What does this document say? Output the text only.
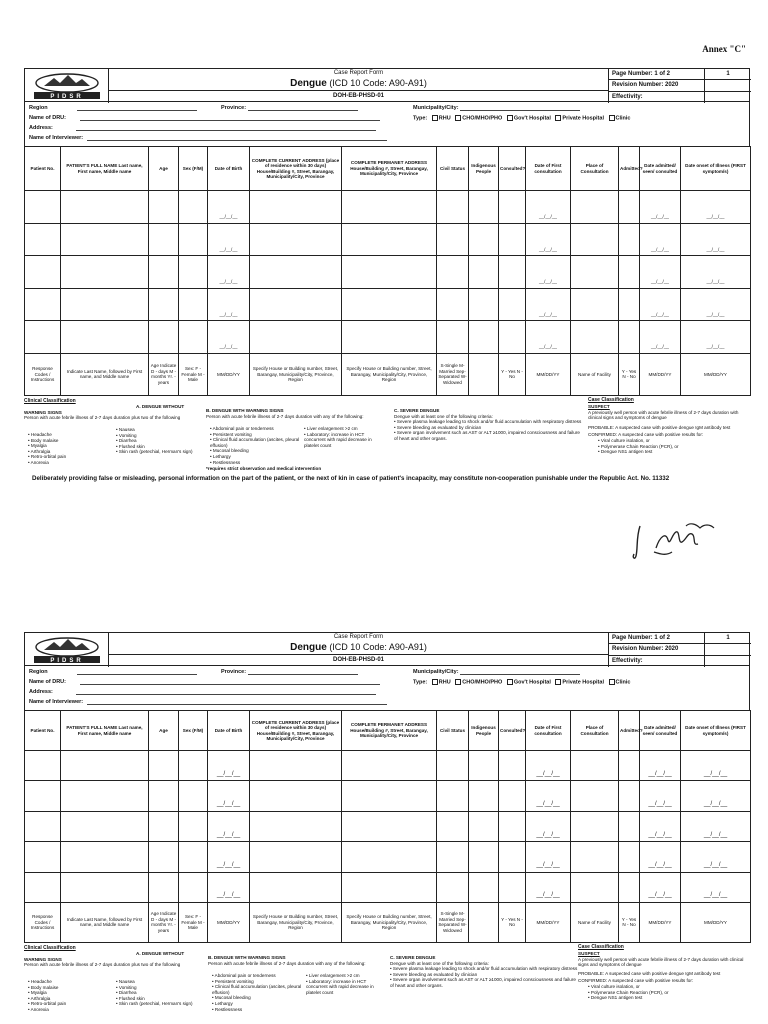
Annex "C"
PIDSR
Case Report Form
Dengue (ICD 10 Code: A90-A91)
DOH-EB-PHSD-01
Page Number: 1 of 2
Revision Number: 2020
Effectivity:
1
Region
Name of DRU:
Address:
Name of Interviewer:
Province:	Municipality/City:
Type: RHU CHO/MHO/PHO Gov't Hospital Private Hospital Clinic
Patient No.	PATIENT'S FULL NAME Last name, First name, Middle name	Age	Sex (F/M)	Date of Birth	COMPLETE CURRENT ADDRESS (place of residence within 30 days) House/Building #, Street, Barangay, Municipality/City, Province	COMPLETE PERMANET ADDRESS House/Building #, Street, Barangay, Municipality/City, Province	Civil Status	Indigenous People	Consulted?	Date of First consultation	Place of Consultation	Admitted?	Date admitted/ seen/ consulted	Date onset of Illness (FIRST symptom/s)
				__/__/__						__/__/__			__/__/__	__/__/__
				__/__/__						__/__/__			__/__/__	__/__/__
				__/__/__						__/__/__			__/__/__	__/__/__
				__/__/__						__/__/__			__/__/__	__/__/__
				__/__/__						__/__/__			__/__/__	__/__/__
Response Codes / Instructions	Indicate Last Name, followed by First name, and Middle name	Age Indicate D - days M - months Yr. - years	Sex: F - Female M - Male	MM/DD/YY	Specify House or Building number, Street, Barangay, Municipality/City, Province, Region	Specify House or Building number, Street, Barangay, Municipality/City, Province, Region	S-Single M-Married Sep-Separated W-Widowed		Y - Yes N - No	MM/DD/YY	Name of Facility	Y - Yes N - No	MM/DD/YY	MM/DD/YY
Clinical Classification	Case Classification
A. DENGUE WITHOUT
WARNING SIGNS
Person with acute febrile illness of 2-7 days duration plus two of the following
• Headache
• Body malaise
• Myalgia
• Arthralgia
• Retro-orbital pain
• Anorexia
• Nausea
• Vomiting
• Diarrhea
• Flushed skin
• Skin rash (petechial, Herman's sign)
B. DENGUE WITH WARNING SIGNS
Person with acute febrile illness of 2-7 days duration with any of the following:
• Abdominal pain or tenderness
• Persistent vomiting
• Clinical fluid accumulation (ascites, pleural effusion)
• Mucosal bleeding
• Lethargy
• Restlessness
• Liver enlargement >2 cm
• Laboratory: increase in HCT concurrent with rapid decrease in platelet count
*requires strict observation and medical intervention
C. SEVERE DENGUE
Dengue with at least one of the following criteria:
• Severe plasma leakage leading to shock and/or fluid accumulation with respiratory distress
• Severe bleeding as evaluated by clinician
• Severe organ involvement such as AST or ALT ≥1000, impaired consciousness and failure of heart and other organs.
SUSPECT
A previously well person with acute febrile illness of 2-7 days duration with clinical signs and symptoms of dengue
PROBABLE: A suspected case with positive dengue IgM antibody test
CONFIRMED: A suspected case with positive results for:
• Viral culture isolation, or
• Polymerase Chain Reaction (PCR), or
• Dengue NS1 antigen test
Deliberately providing false or misleading, personal information on the part of the patient, or the next of kin in case of patient's incapacity, may constitute non-cooperation punishable under the Republic Act. No. 11332
PIDSR
Case Report Form
Dengue (ICD 10 Code: A90-A91)
DOH-EB-PHSD-01
Page Number: 1 of 2
Revision Number: 2020
Effectivity:
1
Region
Name of DRU:
Address:
Name of Interviewer:
Province:	Municipality/City:
Type: RHU CHO/MHO/PHO Gov't Hospital Private Hospital Clinic
Patient No.	PATIENT'S FULL NAME Last name, First name, Middle name	Age	Sex (F/M)	Date of Birth	COMPLETE CURRENT ADDRESS (place of residence within 30 days) House/Building #, Street, Barangay, Municipality/City, Province	COMPLETE PERMANET ADDRESS House/Building #, Street, Barangay, Municipality/City, Province	Civil Status	Indigenous People	Consulted?	Date of First consultation	Place of Consultation	Admitted?	Date admitted/ seen/ consulted	Date onset of Illness (FIRST symptom/s)
				__/__/__						__/__/__			__/__/__	__/__/__
				__/__/__						__/__/__			__/__/__	__/__/__
				__/__/__						__/__/__			__/__/__	__/__/__
				__/__/__						__/__/__			__/__/__	__/__/__
				__/__/__						__/__/__			__/__/__	__/__/__
Response Codes / Instructions	Indicate Last Name, followed by First name, and Middle name	Age Indicate D - days M - months Yr. - years	Sex: F - Female M - Male	MM/DD/YY	Specify House or Building number, Street, Barangay, Municipality/City, Province, Region	Specify House or Building number, Street, Barangay, Municipality/City, Province, Region	S-Single M-Married Sep-Separated W-Widowed		Y - Yes N - No	MM/DD/YY	Name of Facility	Y - Yes N - No	MM/DD/YY	MM/DD/YY
Clinical Classification	Case Classification
A. DENGUE WITHOUT
WARNING SIGNS
Person with acute febrile illness of 2-7 days duration plus two of the following
• Headache
• Body malaise
• Myalgia
• Arthralgia
• Retro-orbital pain
• Anorexia
• Nausea
• Vomiting
• Diarrhea
• Flushed skin
• Skin rash (petechial, Herman's sign)
B. DENGUE WITH WARNING SIGNS
Person with acute febrile illness of 2-7 days duration with any of the following:
• Abdominal pain or tenderness
• Persistent vomiting
• Clinical fluid accumulation (ascites, pleural effusion)
• Mucosal bleeding
• Lethargy
• Restlessness
• Liver enlargement >2 cm
• Laboratory: increase in HCT concurrent with rapid decrease in platelet count
C. SEVERE DENGUE
Dengue with at least one of the following criteria:
• Severe plasma leakage leading to shock and/or fluid accumulation with respiratory distress
• Severe bleeding as evaluated by clinician
• Severe organ involvement such as AST or ALT ≥1000, impaired consciousness and failure of heart and other organs.
SUSPECT
A previously well person with acute febrile illness of 2-7 days duration with clinical signs and symptoms of dengue
PROBABLE: A suspected case with positive dengue IgM antibody test
CONFIRMED: A suspected case with positive results for:
• Viral culture isolation, or
• Polymerase Chain Reaction (PCR), or
• Dengue NS1 antigen test
